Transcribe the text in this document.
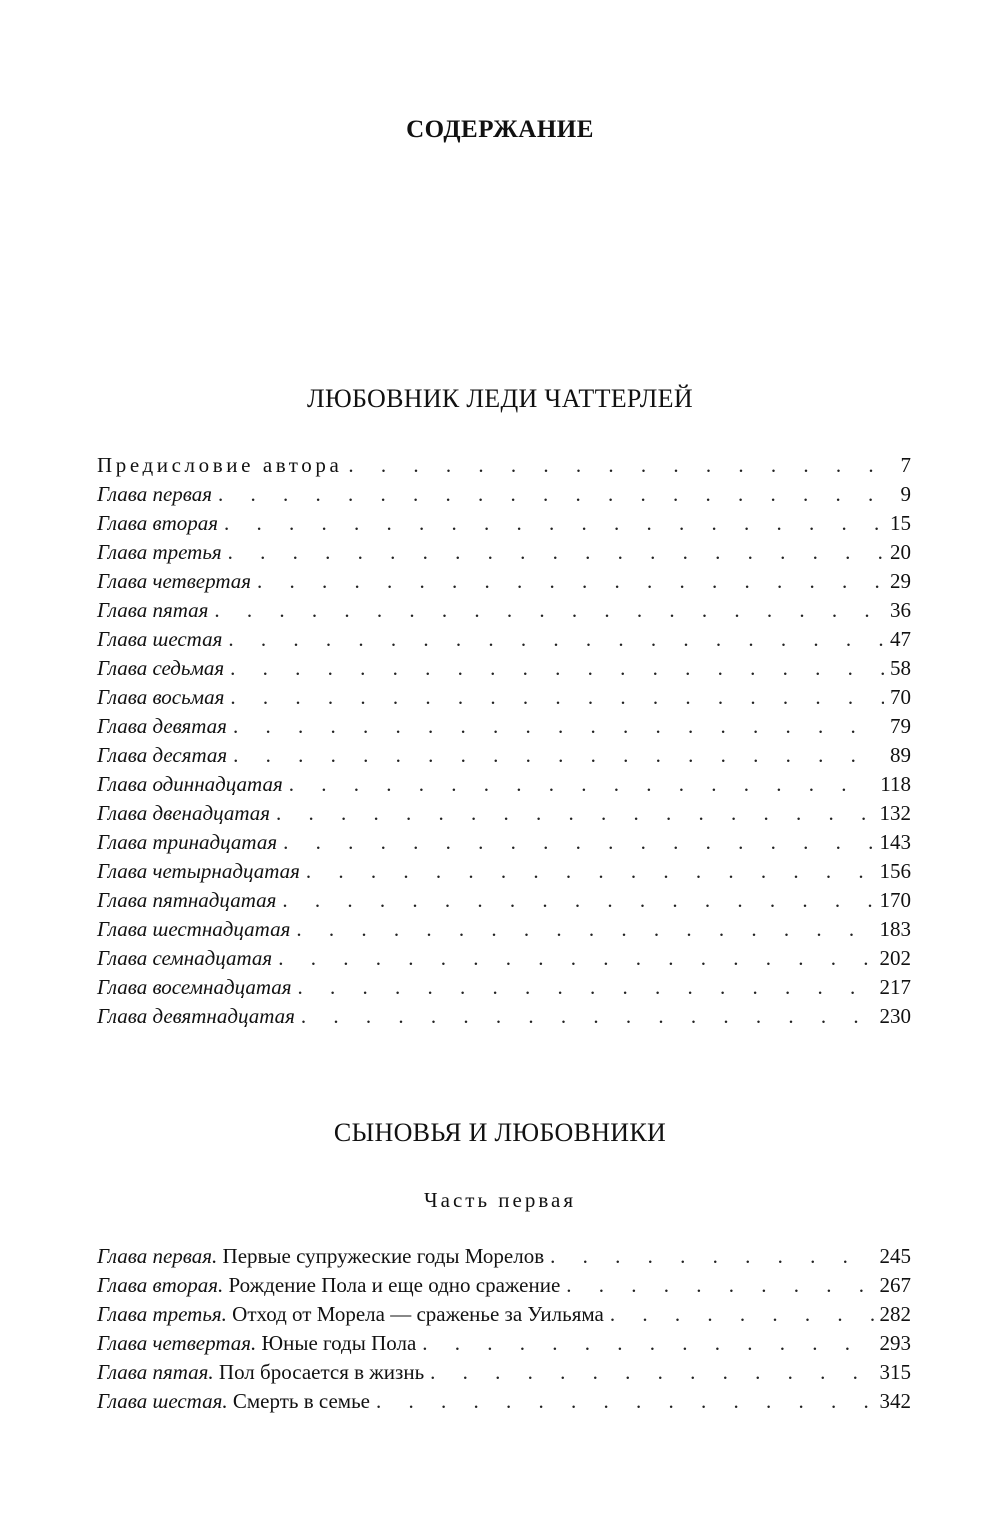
СОДЕРЖАНИЕ
ЛЮБОВНИК ЛЕДИ ЧАТТЕРЛЕЙ
Предисловие автора . . .	7
Глава первая . . .	9
Глава вторая . . .	15
Глава третья . . .	20
Глава четвертая . . .	29
Глава пятая . . .	36
Глава шестая . . .	47
Глава седьмая . . .	58
Глава восьмая . . .	70
Глава девятая . . .	79
Глава десятая . . .	89
Глава одиннадцатая . . .	118
Глава двенадцатая . . .	132
Глава тринадцатая . . .	143
Глава четырнадцатая . . .	156
Глава пятнадцатая . . .	170
Глава шестнадцатая . . .	183
Глава семнадцатая . . .	202
Глава восемнадцатая . . .	217
Глава девятнадцатая . . .	230
СЫНОВЬЯ И ЛЮБОВНИКИ
Часть первая
Глава первая. Первые супружеские годы Морелов . . .	245
Глава вторая. Рождение Пола и еще одно сражение . . .	267
Глава третья. Отход от Морела — сраженье за Уильяма . . .	282
Глава четвертая. Юные годы Пола . . .	293
Глава пятая. Пол бросается в жизнь . . .	315
Глава шестая. Смерть в семье . . .	342
